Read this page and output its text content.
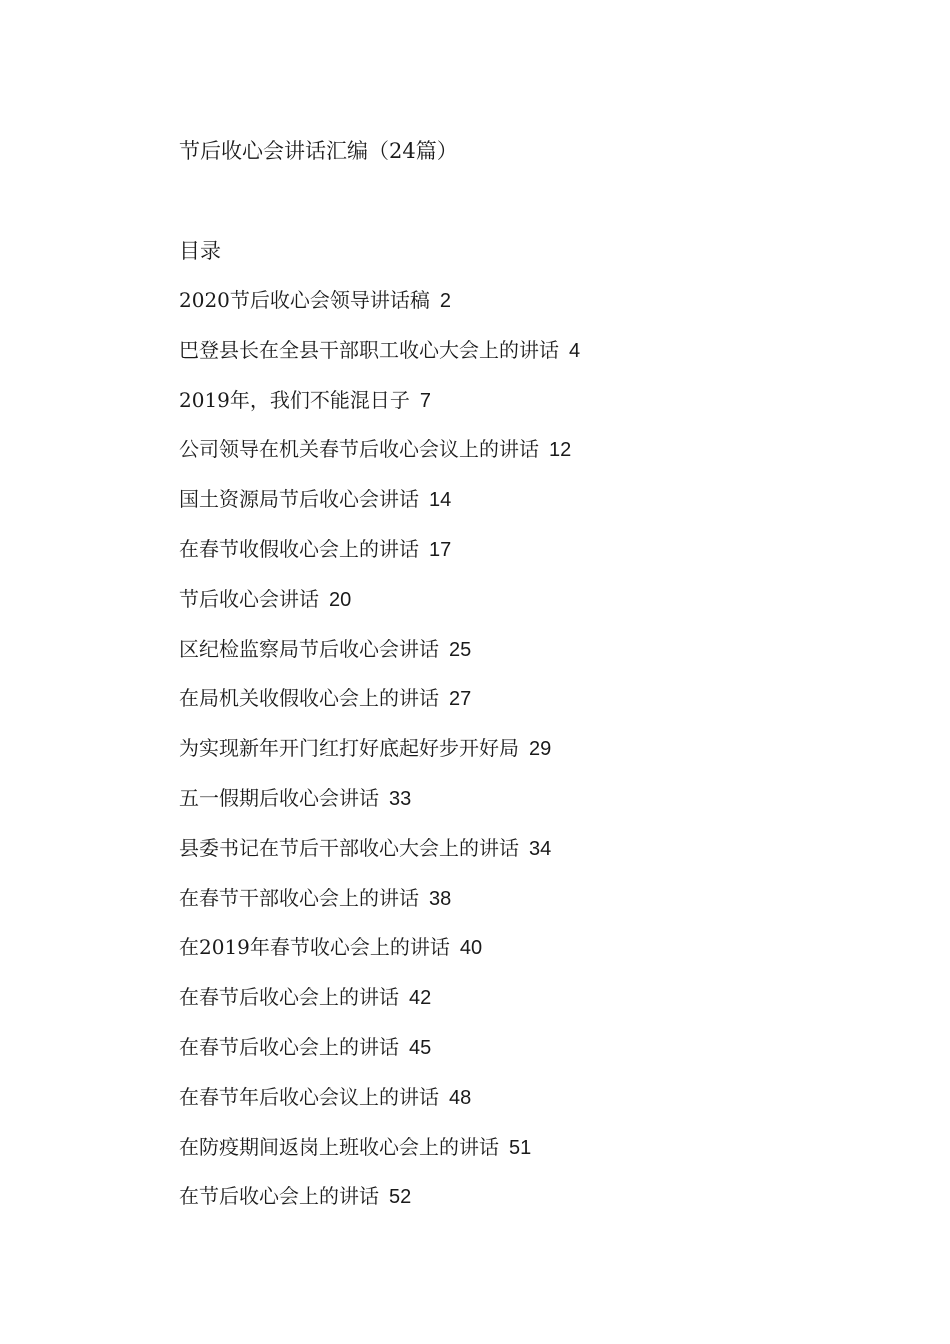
节后收心会讲话汇编（24篇）
目录
2020节后收心会领导讲话稿 2
巴登县长在全县干部职工收心大会上的讲话 4
2019年，我们不能混日子 7
公司领导在机关春节后收心会议上的讲话 12
国土资源局节后收心会讲话 14
在春节收假收心会上的讲话 17
节后收心会讲话 20
区纪检监察局节后收心会讲话 25
在局机关收假收心会上的讲话 27
为实现新年开门红打好底起好步开好局 29
五一假期后收心会讲话 33
县委书记在节后干部收心大会上的讲话 34
在春节干部收心会上的讲话 38
在2019年春节收心会上的讲话 40
在春节后收心会上的讲话 42
在春节后收心会上的讲话 45
在春节年后收心会议上的讲话 48
在防疫期间返岗上班收心会上的讲话 51
在节后收心会上的讲话 52
